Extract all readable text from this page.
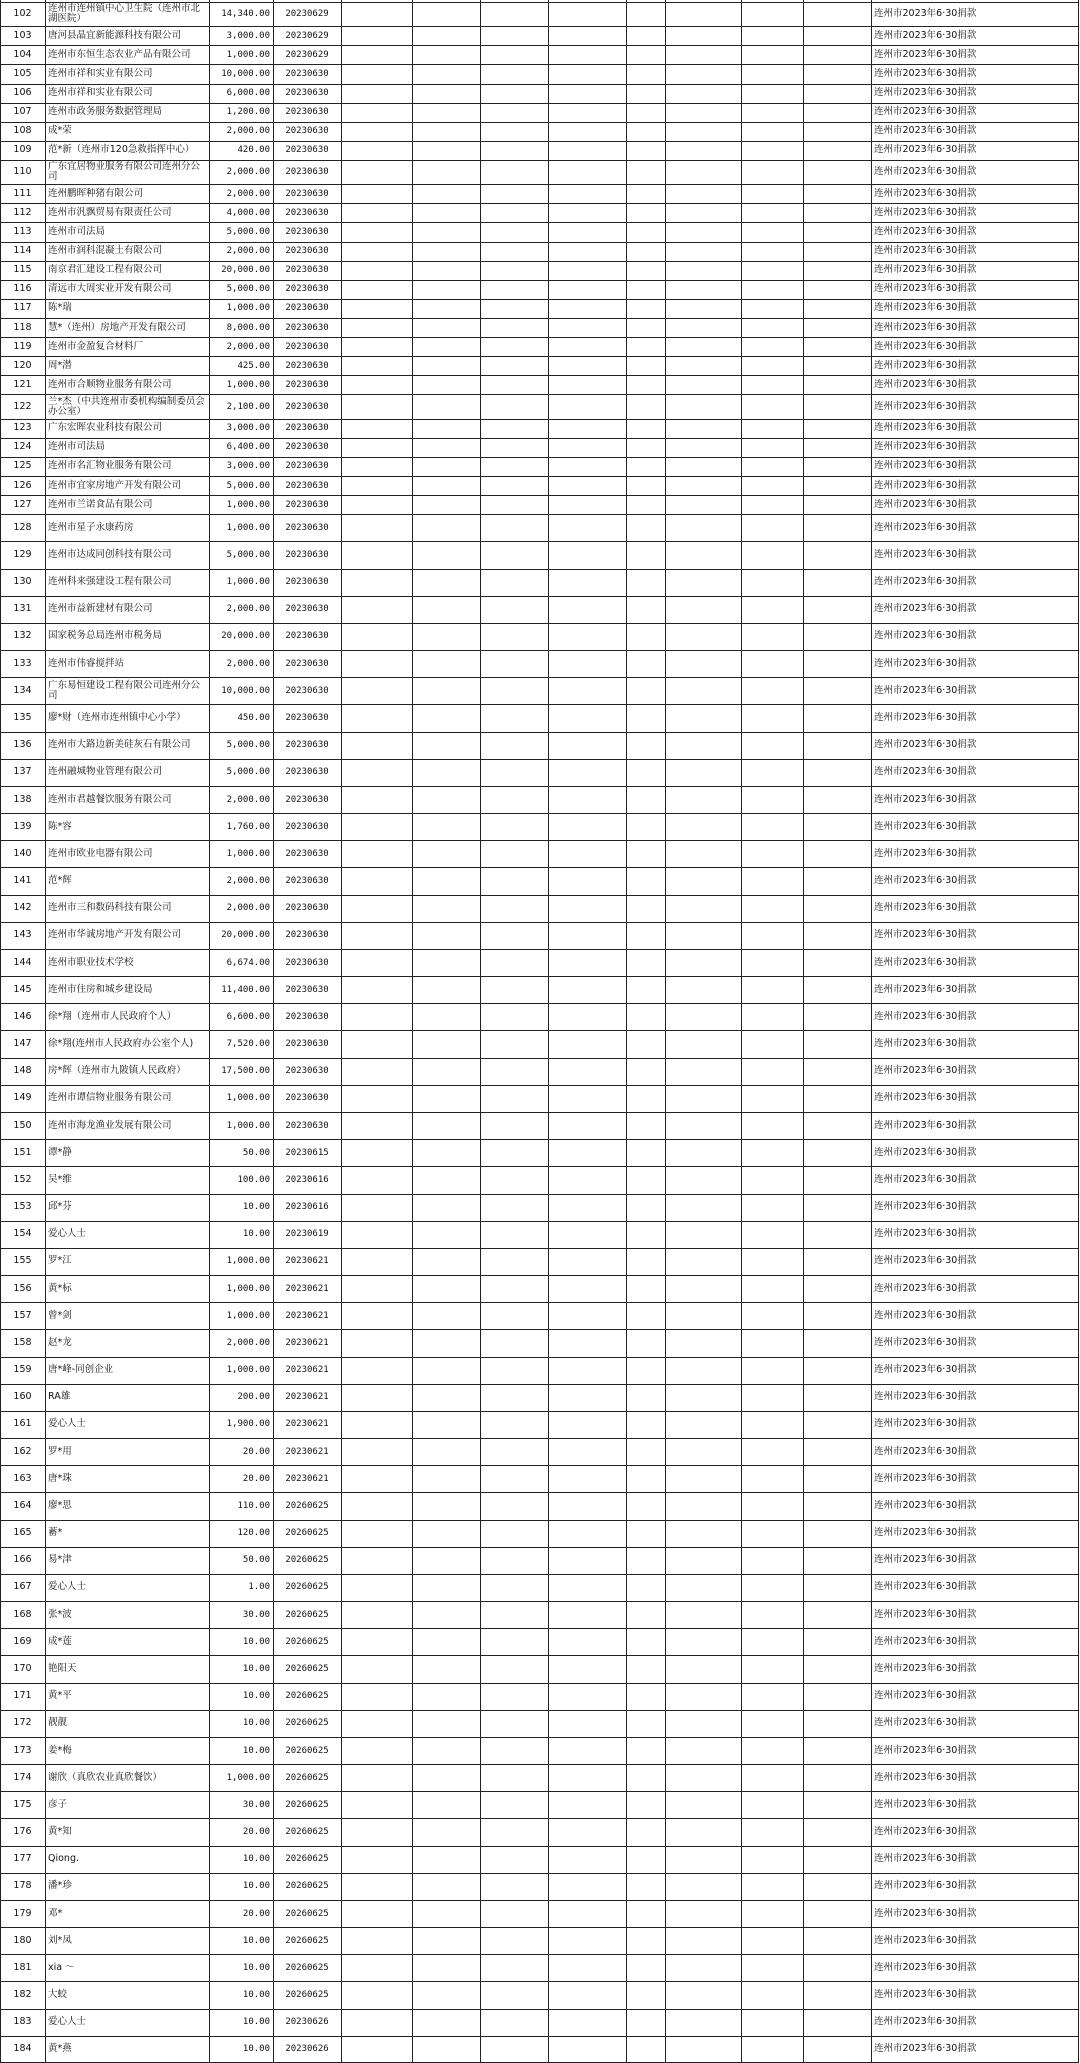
102	连州市连州镇中心卫生院（连州市北湖医院）	14,340.00	20230629	连州市2023年6·30捐款
103	唐河县晶宜新能源科技有限公司	3,000.00	20230629	连州市2023年6·30捐款
104	连州市东恒生态农业产品有限公司	1,000.00	20230629	连州市2023年6·30捐款
105	连州市祥和实业有限公司	10,000.00	20230630	连州市2023年6·30捐款
106	连州市祥和实业有限公司	6,000.00	20230630	连州市2023年6·30捐款
107	连州市政务服务数据管理局	1,200.00	20230630	连州市2023年6·30捐款
108	成*荣	2,000.00	20230630	连州市2023年6·30捐款
109	范*新（连州市120急救指挥中心）	420.00	20230630	连州市2023年6·30捐款
110	广东宜居物业服务有限公司连州分公司	2,000.00	20230630	连州市2023年6·30捐款
111	连州鹏晖种猪有限公司	2,000.00	20230630	连州市2023年6·30捐款
112	连州市汎飘贸易有限责任公司	4,000.00	20230630	连州市2023年6·30捐款
113	连州市司法局	5,000.00	20230630	连州市2023年6·30捐款
114	连州市润科混凝土有限公司	2,000.00	20230630	连州市2023年6·30捐款
115	南京君汇建设工程有限公司	20,000.00	20230630	连州市2023年6·30捐款
116	清远市大周实业开发有限公司	5,000.00	20230630	连州市2023年6·30捐款
117	陈*瑞	1,000.00	20230630	连州市2023年6·30捐款
118	慧*（连州）房地产开发有限公司	8,000.00	20230630	连州市2023年6·30捐款
119	连州市金盈复合材料厂	2,000.00	20230630	连州市2023年6·30捐款
120	周*潜	425.00	20230630	连州市2023年6·30捐款
121	连州市合顺物业服务有限公司	1,000.00	20230630	连州市2023年6·30捐款
122	兰*杰（中共连州市委机构编制委员会办公室）	2,100.00	20230630	连州市2023年6·30捐款
123	广东宏晖农业科技有限公司	3,000.00	20230630	连州市2023年6·30捐款
124	连州市司法局	6,400.00	20230630	连州市2023年6·30捐款
125	连州市名汇物业服务有限公司	3,000.00	20230630	连州市2023年6·30捐款
126	连州市宜家房地产开发有限公司	5,000.00	20230630	连州市2023年6·30捐款
127	连州市兰诺食品有限公司	1,000.00	20230630	连州市2023年6·30捐款
128	连州市星子永康药房	1,000.00	20230630	连州市2023年6·30捐款
129	连州市达成同创科技有限公司	5,000.00	20230630	连州市2023年6·30捐款
130	连州科来强建设工程有限公司	1,000.00	20230630	连州市2023年6·30捐款
131	连州市益新建材有限公司	2,000.00	20230630	连州市2023年6·30捐款
132	国家税务总局连州市税务局	20,000.00	20230630	连州市2023年6·30捐款
133	连州市伟睿搅拌站	2,000.00	20230630	连州市2023年6·30捐款
134	广东易恒建设工程有限公司连州分公司	10,000.00	20230630	连州市2023年6·30捐款
135	廖*财（连州市连州镇中心小学）	450.00	20230630	连州市2023年6·30捐款
136	连州市大路边新美硅灰石有限公司	5,000.00	20230630	连州市2023年6·30捐款
137	连州融城物业管理有限公司	5,000.00	20230630	连州市2023年6·30捐款
138	连州市君越餐饮服务有限公司	2,000.00	20230630	连州市2023年6·30捐款
139	陈*容	1,760.00	20230630	连州市2023年6·30捐款
140	连州市欧业电器有限公司	1,000.00	20230630	连州市2023年6·30捐款
141	范*辉	2,000.00	20230630	连州市2023年6·30捐款
142	连州市三和数码科技有限公司	2,000.00	20230630	连州市2023年6·30捐款
143	连州市华诚房地产开发有限公司	20,000.00	20230630	连州市2023年6·30捐款
144	连州市职业技术学校	6,674.00	20230630	连州市2023年6·30捐款
145	连州市住房和城乡建设局	11,400.00	20230630	连州市2023年6·30捐款
146	徐*翔（连州市人民政府个人）	6,600.00	20230630	连州市2023年6·30捐款
147	徐*翔(连州市人民政府办公室个人)	7,520.00	20230630	连州市2023年6·30捐款
148	房*辉（连州市九陂镇人民政府）	17,500.00	20230630	连州市2023年6·30捐款
149	连州市谭信物业服务有限公司	1,000.00	20230630	连州市2023年6·30捐款
150	连州市海龙渔业发展有限公司	1,000.00	20230630	连州市2023年6·30捐款
151	谭*静	50.00	20230615	连州市2023年6·30捐款
152	吴*维	100.00	20230616	连州市2023年6·30捐款
153	邱*芬	10.00	20230616	连州市2023年6·30捐款
154	爱心人士	10.00	20230619	连州市2023年6·30捐款
155	罗*江	1,000.00	20230621	连州市2023年6·30捐款
156	黄*标	1,000.00	20230621	连州市2023年6·30捐款
157	曾*剑	1,000.00	20230621	连州市2023年6·30捐款
158	赵*龙	2,000.00	20230621	连州市2023年6·30捐款
159	唐*峰-同创企业	1,000.00	20230621	连州市2023年6·30捐款
160	RA雄	200.00	20230621	连州市2023年6·30捐款
161	爱心人士	1,900.00	20230621	连州市2023年6·30捐款
162	罗*用	20.00	20230621	连州市2023年6·30捐款
163	唐*珠	20.00	20230621	连州市2023年6·30捐款
164	廖*思	110.00	20260625	连州市2023年6·30捐款
165	蓄*	120.00	20260625	连州市2023年6·30捐款
166	易*津	50.00	20260625	连州市2023年6·30捐款
167	爱心人士	1.00	20260625	连州市2023年6·30捐款
168	张*波	30.00	20260625	连州市2023年6·30捐款
169	成*莲	10.00	20260625	连州市2023年6·30捐款
170	艳阳天	10.00	20260625	连州市2023年6·30捐款
171	黄*平	10.00	20260625	连州市2023年6·30捐款
172	靓靓	10.00	20260625	连州市2023年6·30捐款
173	姜*梅	10.00	20260625	连州市2023年6·30捐款
174	谢欣（真欣农业真欣餐饮）	1,000.00	20260625	连州市2023年6·30捐款
175	彦子	30.00	20260625	连州市2023年6·30捐款
176	黄*知	20.00	20260625	连州市2023年6·30捐款
177	Qiong.	10.00	20260625	连州市2023年6·30捐款
178	潘*珍	10.00	20260625	连州市2023年6·30捐款
179	邓*	20.00	20260625	连州市2023年6·30捐款
180	刘*凤	10.00	20260625	连州市2023年6·30捐款
181	xia ～	10.00	20260625	连州市2023年6·30捐款
182	大蛟	10.00	20260625	连州市2023年6·30捐款
183	爱心人士	10.00	20230626	连州市2023年6·30捐款
184	黄*燕	10.00	20230626	连州市2023年6·30捐款
